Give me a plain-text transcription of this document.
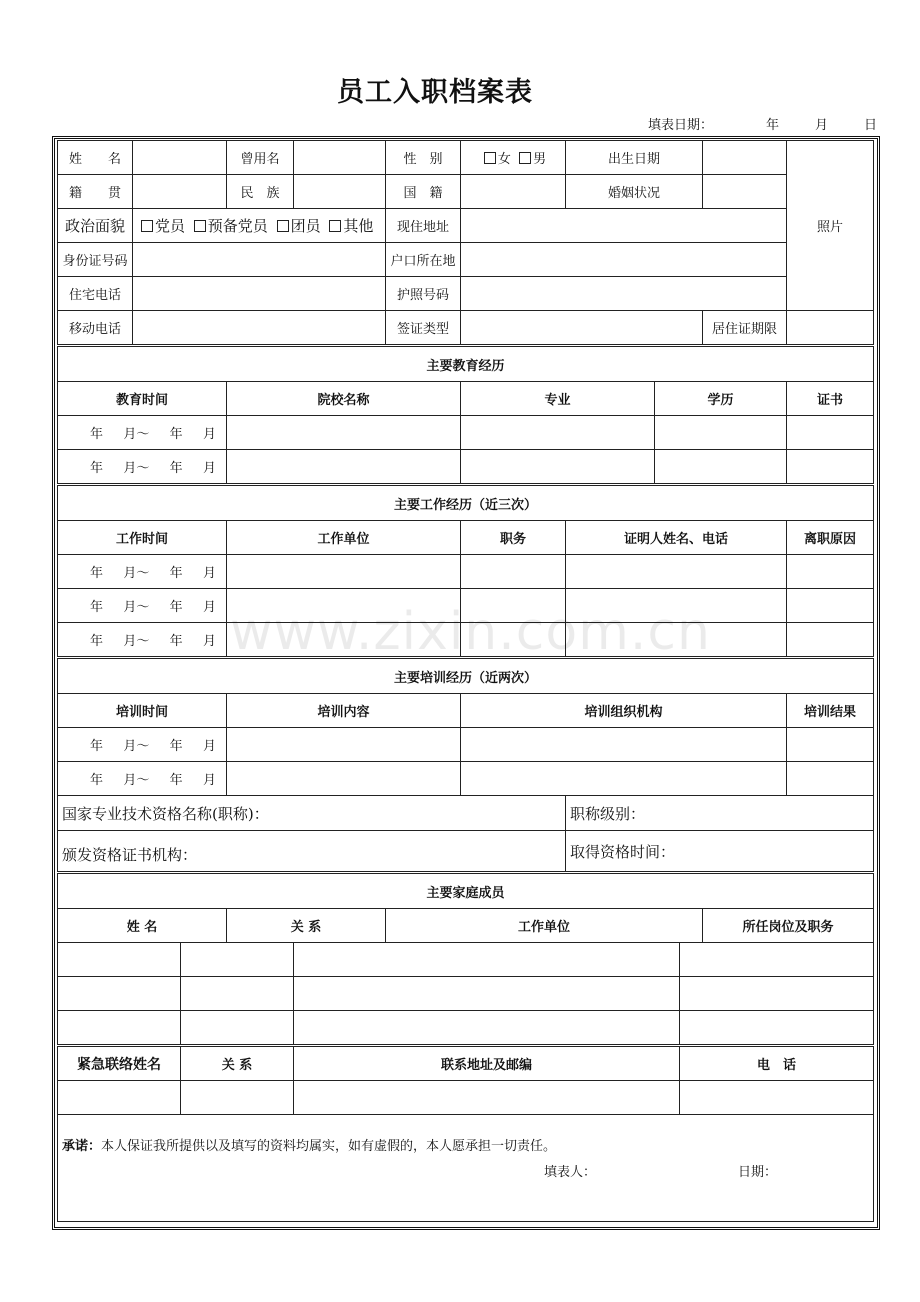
员工入职档案表
填表日期：	年	月	日
姓　　名		曾用名		性　别	女 男	出生日期			照片
籍　　贯		民　族		国　籍		婚姻状况			
政治面貌	党员 预备党员 团员 其他			现住地址					
身份证号码				户口所在地					
住宅电话				护照号码					
移动电话				签证类型				居住证期限	
主要教育经历									
教育时间		院校名称			专业		学历		证书

年 月～ 年 月									

年 月～ 年 月									

主要工作经历（近三次）									
工作时间		工作单位			职务	证明人姓名、电话			离职原因

年 月～ 年 月									

年 月～ 年 月									

年 月～ 年 月									

主要培训经历（近两次）									
培训时间		培训内容			培训组织机构				培训结果

年 月～ 年 月									

年 月～ 年 月									

国家专业技术资格名称(职称)：						职称级别：			
颁发资格证书机构：						取得资格时间：			
主要家庭成员									
姓 名		关 系		工作单位				所任岗位及职务	

紧急联络姓名	关 系	联系地址及邮编	电　话

承诺：本人保证我所提供以及填写的资料均属实，如有虚假的，本人愿承担一切责任。
填表人： 日期：			
www.zixin.com.cn
